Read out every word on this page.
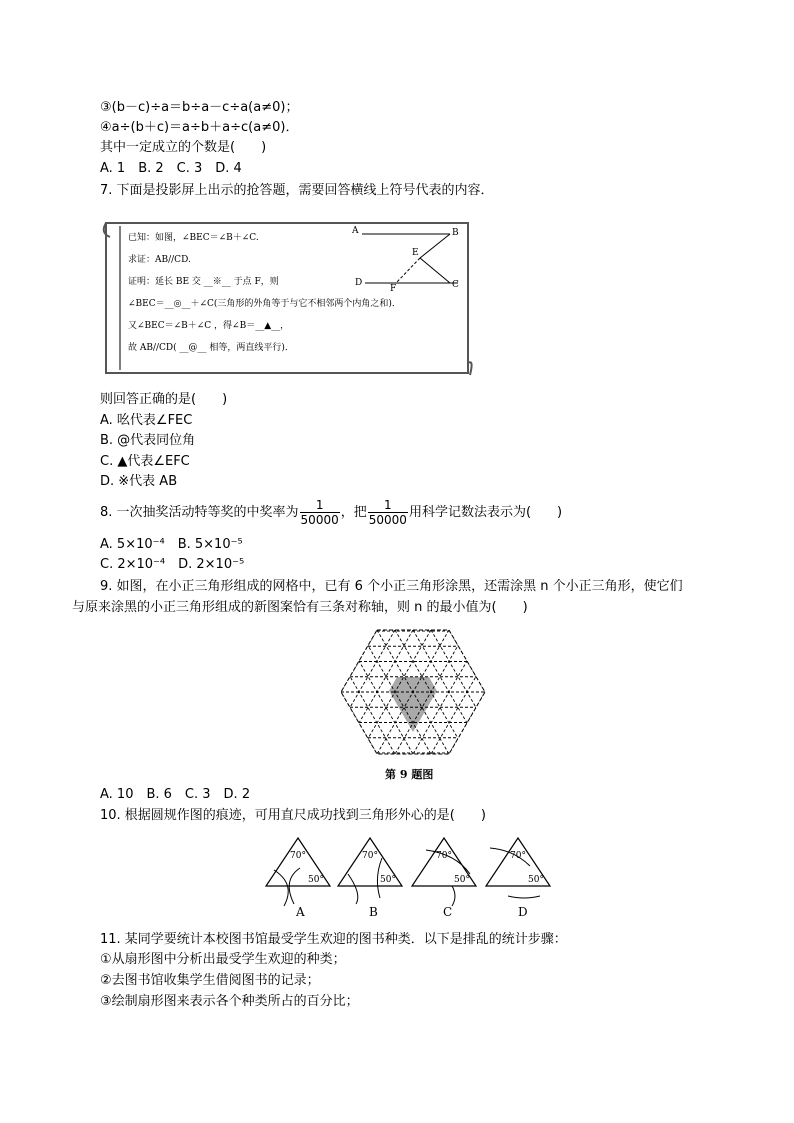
③(b－c)÷a＝b÷a－c÷a(a≠0)；
④a÷(b＋c)＝a÷b＋a÷c(a≠0)．
其中一定成立的个数是(　　)
A. 1　B. 2　C. 3　D. 4
7. 下面是投影屏上出示的抢答题，需要回答横线上符号代表的内容．
A	B
E
D
F	C
已知：如图，∠BEC＝∠B＋∠C.
求证：AB//CD.
证明：延长 BE 交 __※__ 于点 F，则
∠BEC＝__◎__＋∠C(三角形的外角等于与它不相邻两个内角之和)．
又∠BEC＝∠B＋∠C ，得∠B＝__▲__，
故 AB//CD( __@__ 相等，两直线平行)．
则回答正确的是(　　)
A. 吆代表∠FEC
B. @代表同位角
C. ▲代表∠EFC
D. ※代表 AB
8. 一次抽奖活动特等奖的中奖率为 $\frac{1}{50000}$ ，把 $\frac{1}{50000}$ 用科学记数法表示为(　　)
A. 5×10⁻⁴　B. 5×10⁻⁵
C. 2×10⁻⁴　D. 2×10⁻⁵
9. 如图，在小正三角形组成的网格中，已有 6 个小正三角形涂黑，还需涂黑 n 个小正三角形，使它们
与原来涂黑的小正三角形组成的新图案恰有三条对称轴，则 n 的最小值为(　　)
第 9 题图
A. 10　B. 6　C. 3　D. 2
10. 根据圆规作图的痕迹，可用直尺成功找到三角形外心的是(　　)
70°
50°
70°
50°
70°
50°
70°
50°
A	B	C	D
11. 某同学要统计本校图书馆最受学生欢迎的图书种类．以下是排乱的统计步骤：
①从扇形图中分析出最受学生欢迎的种类；
②去图书馆收集学生借阅图书的记录；
③绘制扇形图来表示各个种类所占的百分比；
